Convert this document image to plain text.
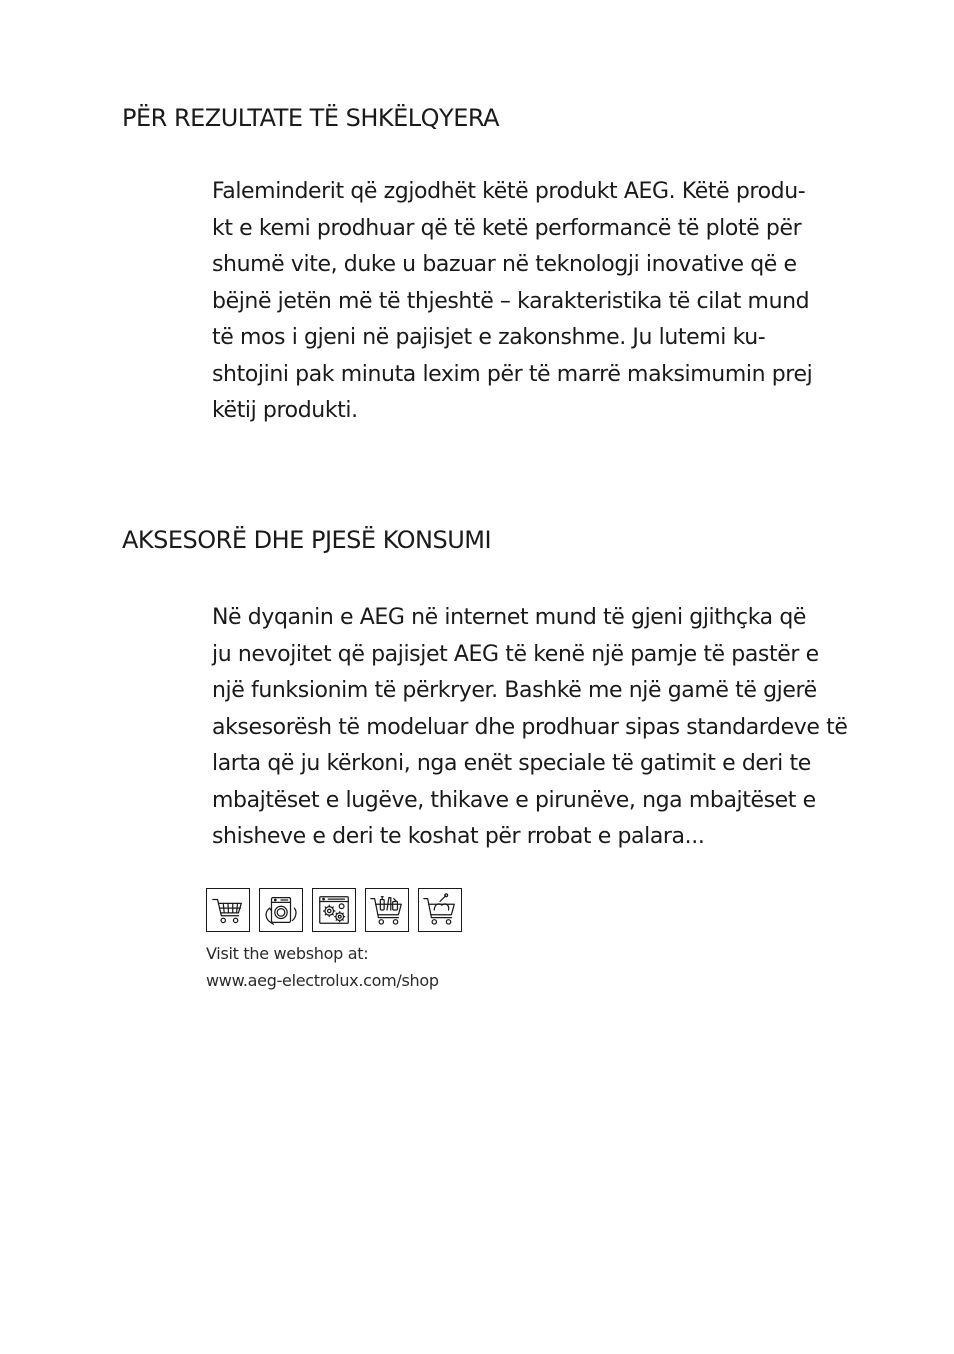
PËR REZULTATE TË SHKËLQYERA

Faleminderit që zgjodhët këtë produkt AEG. Këtë produ-
kt e kemi prodhuar që të ketë performancë të plotë për
shumë vite, duke u bazuar në teknologji inovative që e
bëjnë jetën më të thjeshtë – karakteristika të cilat mund
të mos i gjeni në pajisjet e zakonshme. Ju lutemi ku-
shtojini pak minuta lexim për të marrë maksimumin prej
këtij produkti.

AKSESORË DHE PJESË KONSUMI

Në dyqanin e AEG në internet mund të gjeni gjithçka që
ju nevojitet që pajisjet AEG të kenë një pamje të pastër e
një funksionim të përkryer. Bashkë me një gamë të gjerë
aksesorësh të modeluar dhe prodhuar sipas standardeve të
larta që ju kërkoni, nga enët speciale të gatimit e deri te
mbajtëset e lugëve, thikave e pirunëve, nga mbajtëset e
shisheve e deri te koshat për rrobat e palara...

Visit the webshop at:
www.aeg-electrolux.com/shop
